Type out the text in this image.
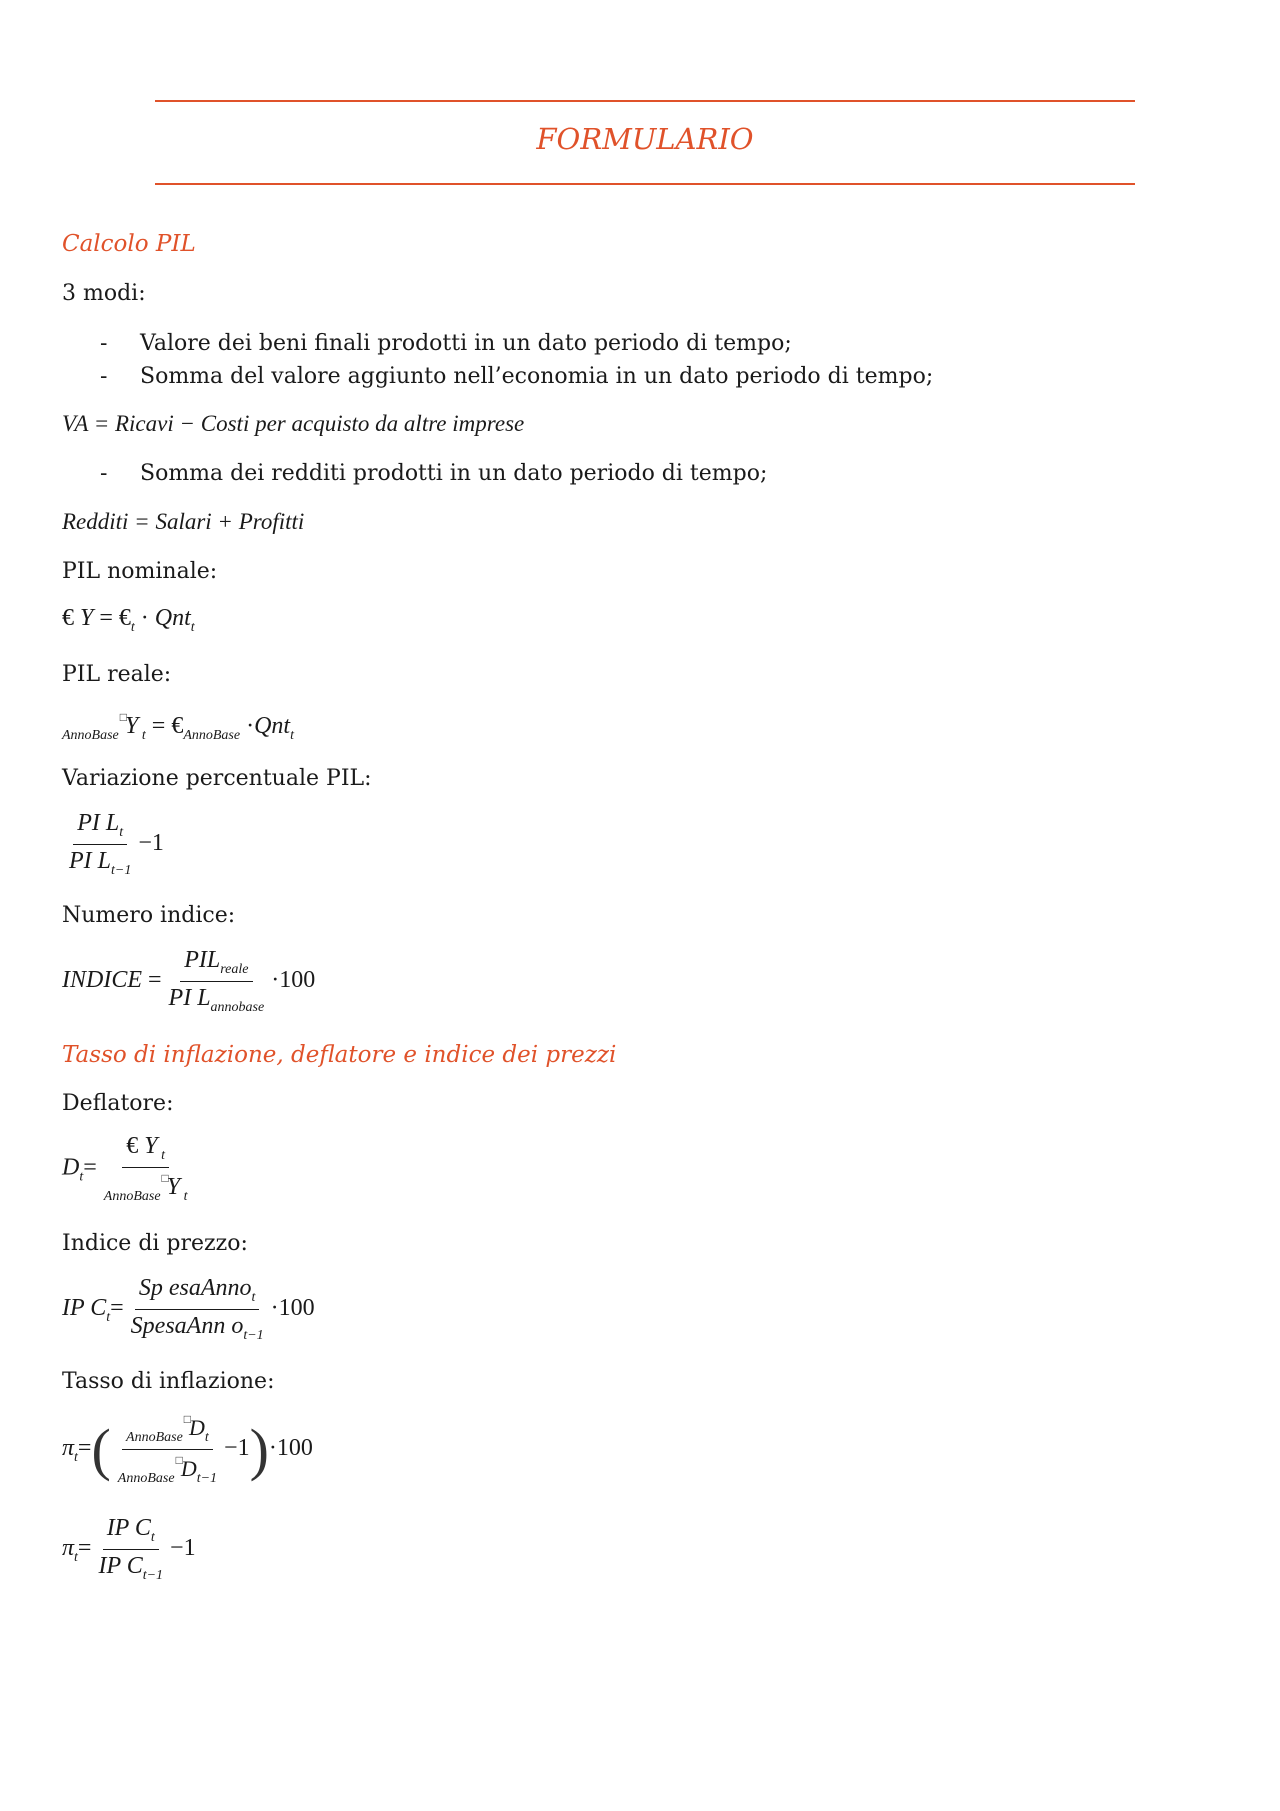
FORMULARIO
Calcolo PIL
3 modi:
- Valore dei beni finali prodotti in un dato periodo di tempo;
- Somma del valore aggiunto nell’economia in un dato periodo di tempo;
VA = Ricavi − Costi per acquisto da altre imprese
- Somma dei redditi prodotti in un dato periodo di tempo;
Redditi = Salari + Profitti
PIL nominale:
€ $Y = €_t \cdot Qnt_t$
PIL reale:
$_{AnnoBase}$□Y $_t = €_{AnnoBase} \cdot Qnt_t$
Variazione percentuale PIL:
$\frac{PI L_t}{PI L_{t-1}} -1$
Numero indice:
INDICE = $\frac{PIL_{reale}}{PI L_{annobase}} \cdot 100$
Tasso di inflazione, deflatore e indice dei prezzi
Deflatore:
$D_t= \frac{€ Y _t}{_{AnnoBase}^□Y _t}$
Indice di prezzo:
IP $C_t= \frac{Sp esaAnno_t}{SpesaAnn o_{t-1}} \cdot 100$
Tasso di inflazione:
$\pi_t=( \frac{_{AnnoBase}^□D_t}{_{AnnoBase}^□D_{t-1}} -1)\cdot 100$
$\pi_t= \frac{IP C_t}{IP C_{t-1}} -1$
